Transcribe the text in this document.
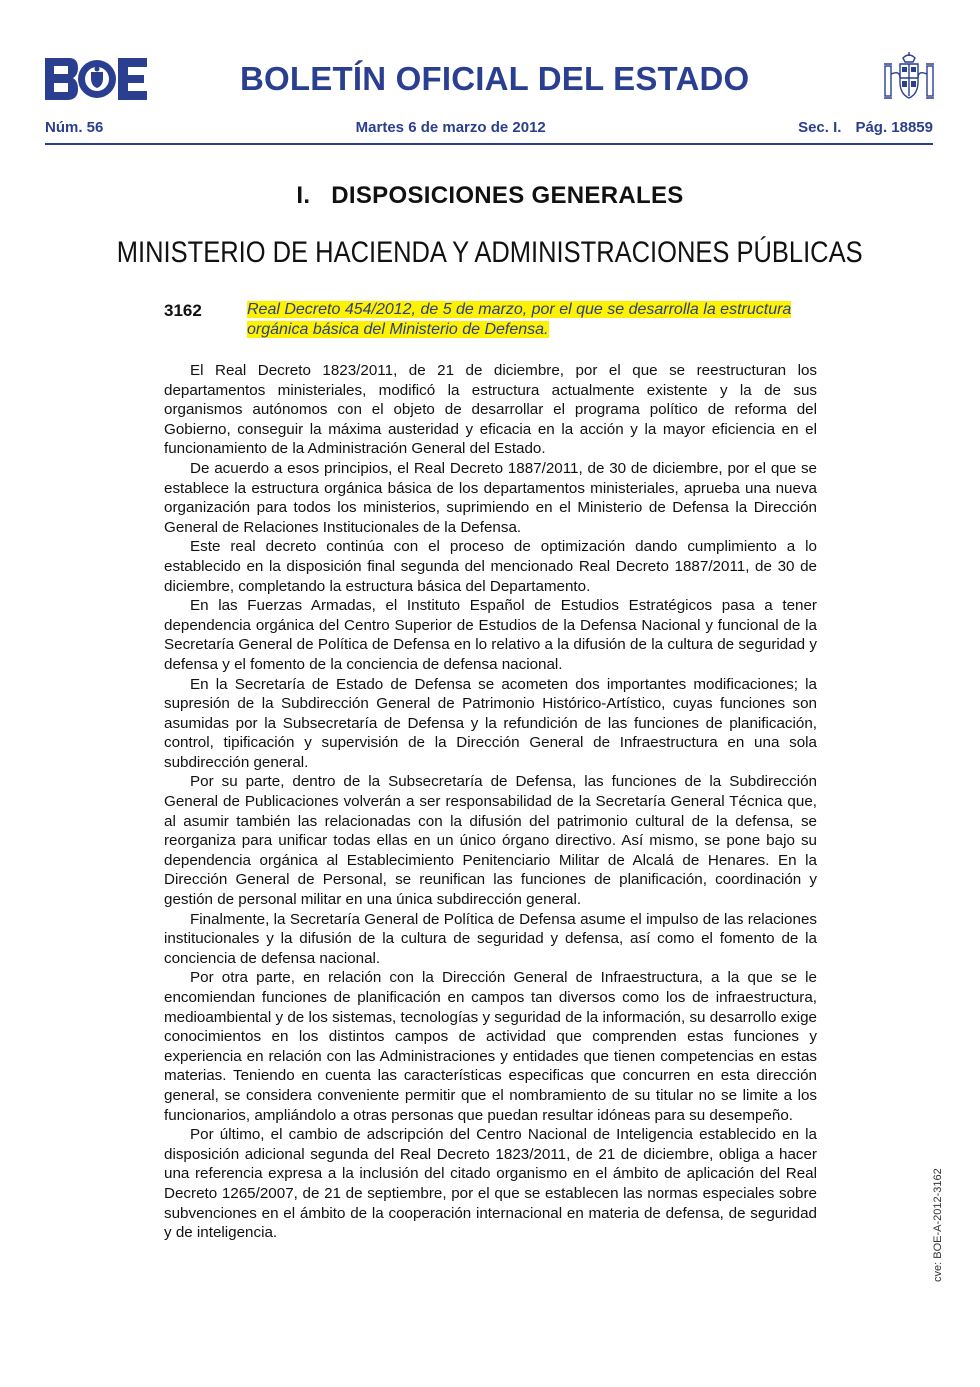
BOLETÍN OFICIAL DEL ESTADO
Núm. 56	Martes 6 de marzo de 2012	Sec. I. Pág. 18859
I.   DISPOSICIONES GENERALES
MINISTERIO DE HACIENDA Y ADMINISTRACIONES PÚBLICAS
3162	Real Decreto 454/2012, de 5 de marzo, por el que se desarrolla la estructura orgánica básica del Ministerio de Defensa.

El Real Decreto 1823/2011, de 21 de diciembre, por el que se reestructuran los departamentos ministeriales, modificó la estructura actualmente existente y la de sus organismos autónomos con el objeto de desarrollar el programa político de reforma del Gobierno, conseguir la máxima austeridad y eficacia en la acción y la mayor eficiencia en el funcionamiento de la Administración General del Estado.

De acuerdo a esos principios, el Real Decreto 1887/2011, de 30 de diciembre, por el que se establece la estructura orgánica básica de los departamentos ministeriales, aprueba una nueva organización para todos los ministerios, suprimiendo en el Ministerio de Defensa la Dirección General de Relaciones Institucionales de la Defensa.

Este real decreto continúa con el proceso de optimización dando cumplimiento a lo establecido en la disposición final segunda del mencionado Real Decreto 1887/2011, de 30 de diciembre, completando la estructura básica del Departamento.

En las Fuerzas Armadas, el Instituto Español de Estudios Estratégicos pasa a tener dependencia orgánica del Centro Superior de Estudios de la Defensa Nacional y funcional de la Secretaría General de Política de Defensa en lo relativo a la difusión de la cultura de seguridad y defensa y el fomento de la conciencia de defensa nacional.

En la Secretaría de Estado de Defensa se acometen dos importantes modificaciones; la supresión de la Subdirección General de Patrimonio Histórico-Artístico, cuyas funciones son asumidas por la Subsecretaría de Defensa y la refundición de las funciones de planificación, control, tipificación y supervisión de la Dirección General de Infraestructura en una sola subdirección general.

Por su parte, dentro de la Subsecretaría de Defensa, las funciones de la Subdirección General de Publicaciones volverán a ser responsabilidad de la Secretaría General Técnica que, al asumir también las relacionadas con la difusión del patrimonio cultural de la defensa, se reorganiza para unificar todas ellas en un único órgano directivo. Así mismo, se pone bajo su dependencia orgánica al Establecimiento Penitenciario Militar de Alcalá de Henares. En la Dirección General de Personal, se reunifican las funciones de planificación, coordinación y gestión de personal militar en una única subdirección general.

Finalmente, la Secretaría General de Política de Defensa asume el impulso de las relaciones institucionales y la difusión de la cultura de seguridad y defensa, así como el fomento de la conciencia de defensa nacional.

Por otra parte, en relación con la Dirección General de Infraestructura, a la que se le encomiendan funciones de planificación en campos tan diversos como los de infraestructura, medioambiental y de los sistemas, tecnologías y seguridad de la información, su desarrollo exige conocimientos en los distintos campos de actividad que comprenden estas funciones y experiencia en relación con las Administraciones y entidades que tienen competencias en estas materias. Teniendo en cuenta las características especificas que concurren en esta dirección general, se considera conveniente permitir que el nombramiento de su titular no se limite a los funcionarios, ampliándolo a otras personas que puedan resultar idóneas para su desempeño.

Por último, el cambio de adscripción del Centro Nacional de Inteligencia establecido en la disposición adicional segunda del Real Decreto 1823/2011, de 21 de diciembre, obliga a hacer una referencia expresa a la inclusión del citado organismo en el ámbito de aplicación del Real Decreto 1265/2007, de 21 de septiembre, por el que se establecen las normas especiales sobre subvenciones en el ámbito de la cooperación internacional en materia de defensa, de seguridad y de inteligencia.	cve: BOE-A-2012-3162
